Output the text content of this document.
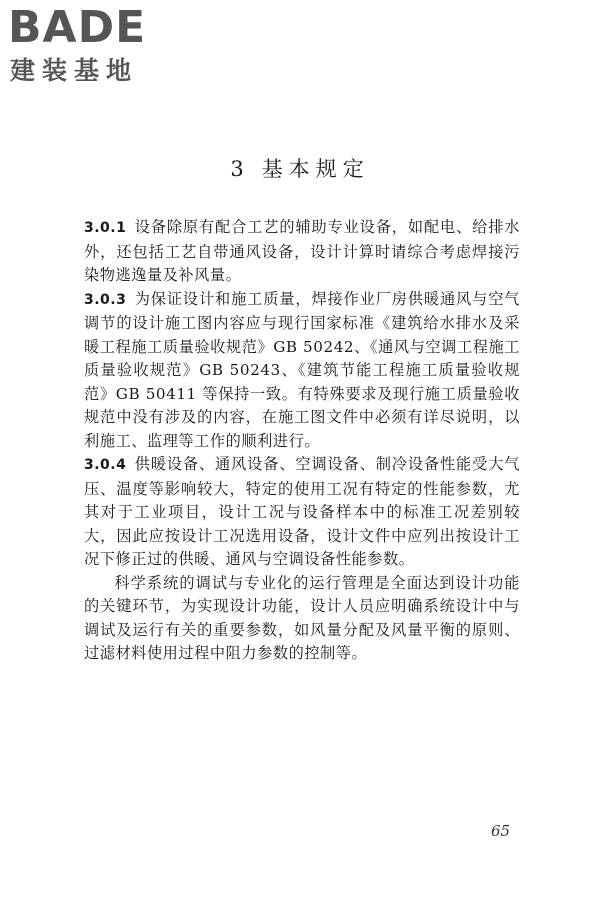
BADE
建装基地
3 基本规定

3.0.1 设备除原有配合工艺的辅助专业设备，如配电、给排水外，还包括工艺自带通风设备，设计计算时请综合考虑焊接污染物逃逸量及补风量。

3.0.3 为保证设计和施工质量，焊接作业厂房供暖通风与空气调节的设计施工图内容应与现行国家标准《建筑给水排水及采暖工程施工质量验收规范》GB 50242、《通风与空调工程施工质量验收规范》GB 50243、《建筑节能工程施工质量验收规范》GB 50411 等保持一致。有特殊要求及现行施工质量验收规范中没有涉及的内容，在施工图文件中必须有详尽说明，以利施工、监理等工作的顺利进行。

3.0.4 供暖设备、通风设备、空调设备、制冷设备性能受大气压、温度等影响较大，特定的使用工况有特定的性能参数，尤其对于工业项目，设计工况与设备样本中的标准工况差别较大，因此应按设计工况选用设备，设计文件中应列出按设计工况下修正过的供暖、通风与空调设备性能参数。

科学系统的调试与专业化的运行管理是全面达到设计功能的关键环节，为实现设计功能，设计人员应明确系统设计中与调试及运行有关的重要参数，如风量分配及风量平衡的原则、过滤材料使用过程中阻力参数的控制等。

65
